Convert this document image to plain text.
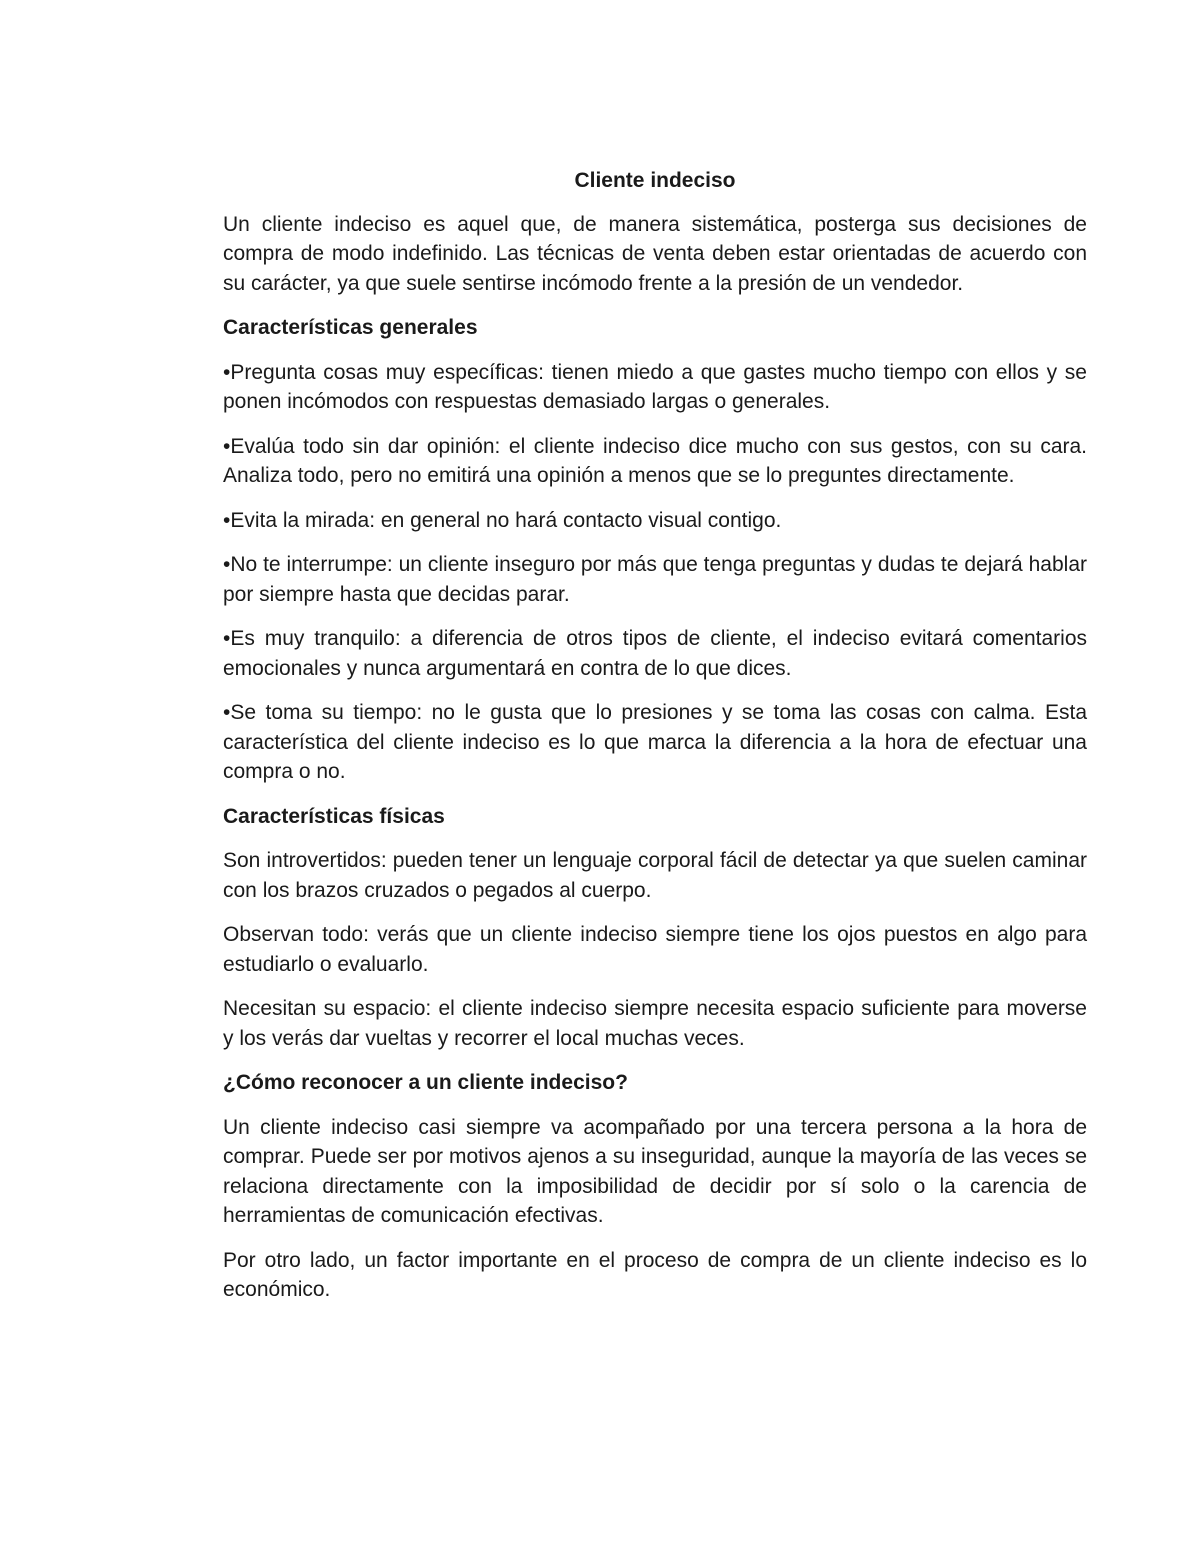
Cliente indeciso

Un cliente indeciso es aquel que, de manera sistemática, posterga sus decisiones de compra de modo indefinido. Las técnicas de venta deben estar orientadas de acuerdo con su carácter, ya que suele sentirse incómodo frente a la presión de un vendedor.

Características generales

•Pregunta cosas muy específicas: tienen miedo a que gastes mucho tiempo con ellos y se ponen incómodos con respuestas demasiado largas o generales.

•Evalúa todo sin dar opinión: el cliente indeciso dice mucho con sus gestos, con su cara. Analiza todo, pero no emitirá una opinión a menos que se lo preguntes directamente.

•Evita la mirada: en general no hará contacto visual contigo.

•No te interrumpe: un cliente inseguro por más que tenga preguntas y dudas te dejará hablar por siempre hasta que decidas parar.

•Es muy tranquilo: a diferencia de otros tipos de cliente, el indeciso evitará comentarios emocionales y nunca argumentará en contra de lo que dices.

•Se toma su tiempo: no le gusta que lo presiones y se toma las cosas con calma. Esta característica del cliente indeciso es lo que marca la diferencia a la hora de efectuar una compra o no.

Características físicas

Son introvertidos: pueden tener un lenguaje corporal fácil de detectar ya que suelen caminar con los brazos cruzados o pegados al cuerpo.

Observan todo: verás que un cliente indeciso siempre tiene los ojos puestos en algo para estudiarlo o evaluarlo.

Necesitan su espacio: el cliente indeciso siempre necesita espacio suficiente para moverse y los verás dar vueltas y recorrer el local muchas veces.

¿Cómo reconocer a un cliente indeciso?

Un cliente indeciso casi siempre va acompañado por una tercera persona a la hora de comprar. Puede ser por motivos ajenos a su inseguridad, aunque la mayoría de las veces se relaciona directamente con la imposibilidad de decidir por sí solo o la carencia de herramientas de comunicación efectivas.

Por otro lado, un factor importante en el proceso de compra de un cliente indeciso es lo económico.
